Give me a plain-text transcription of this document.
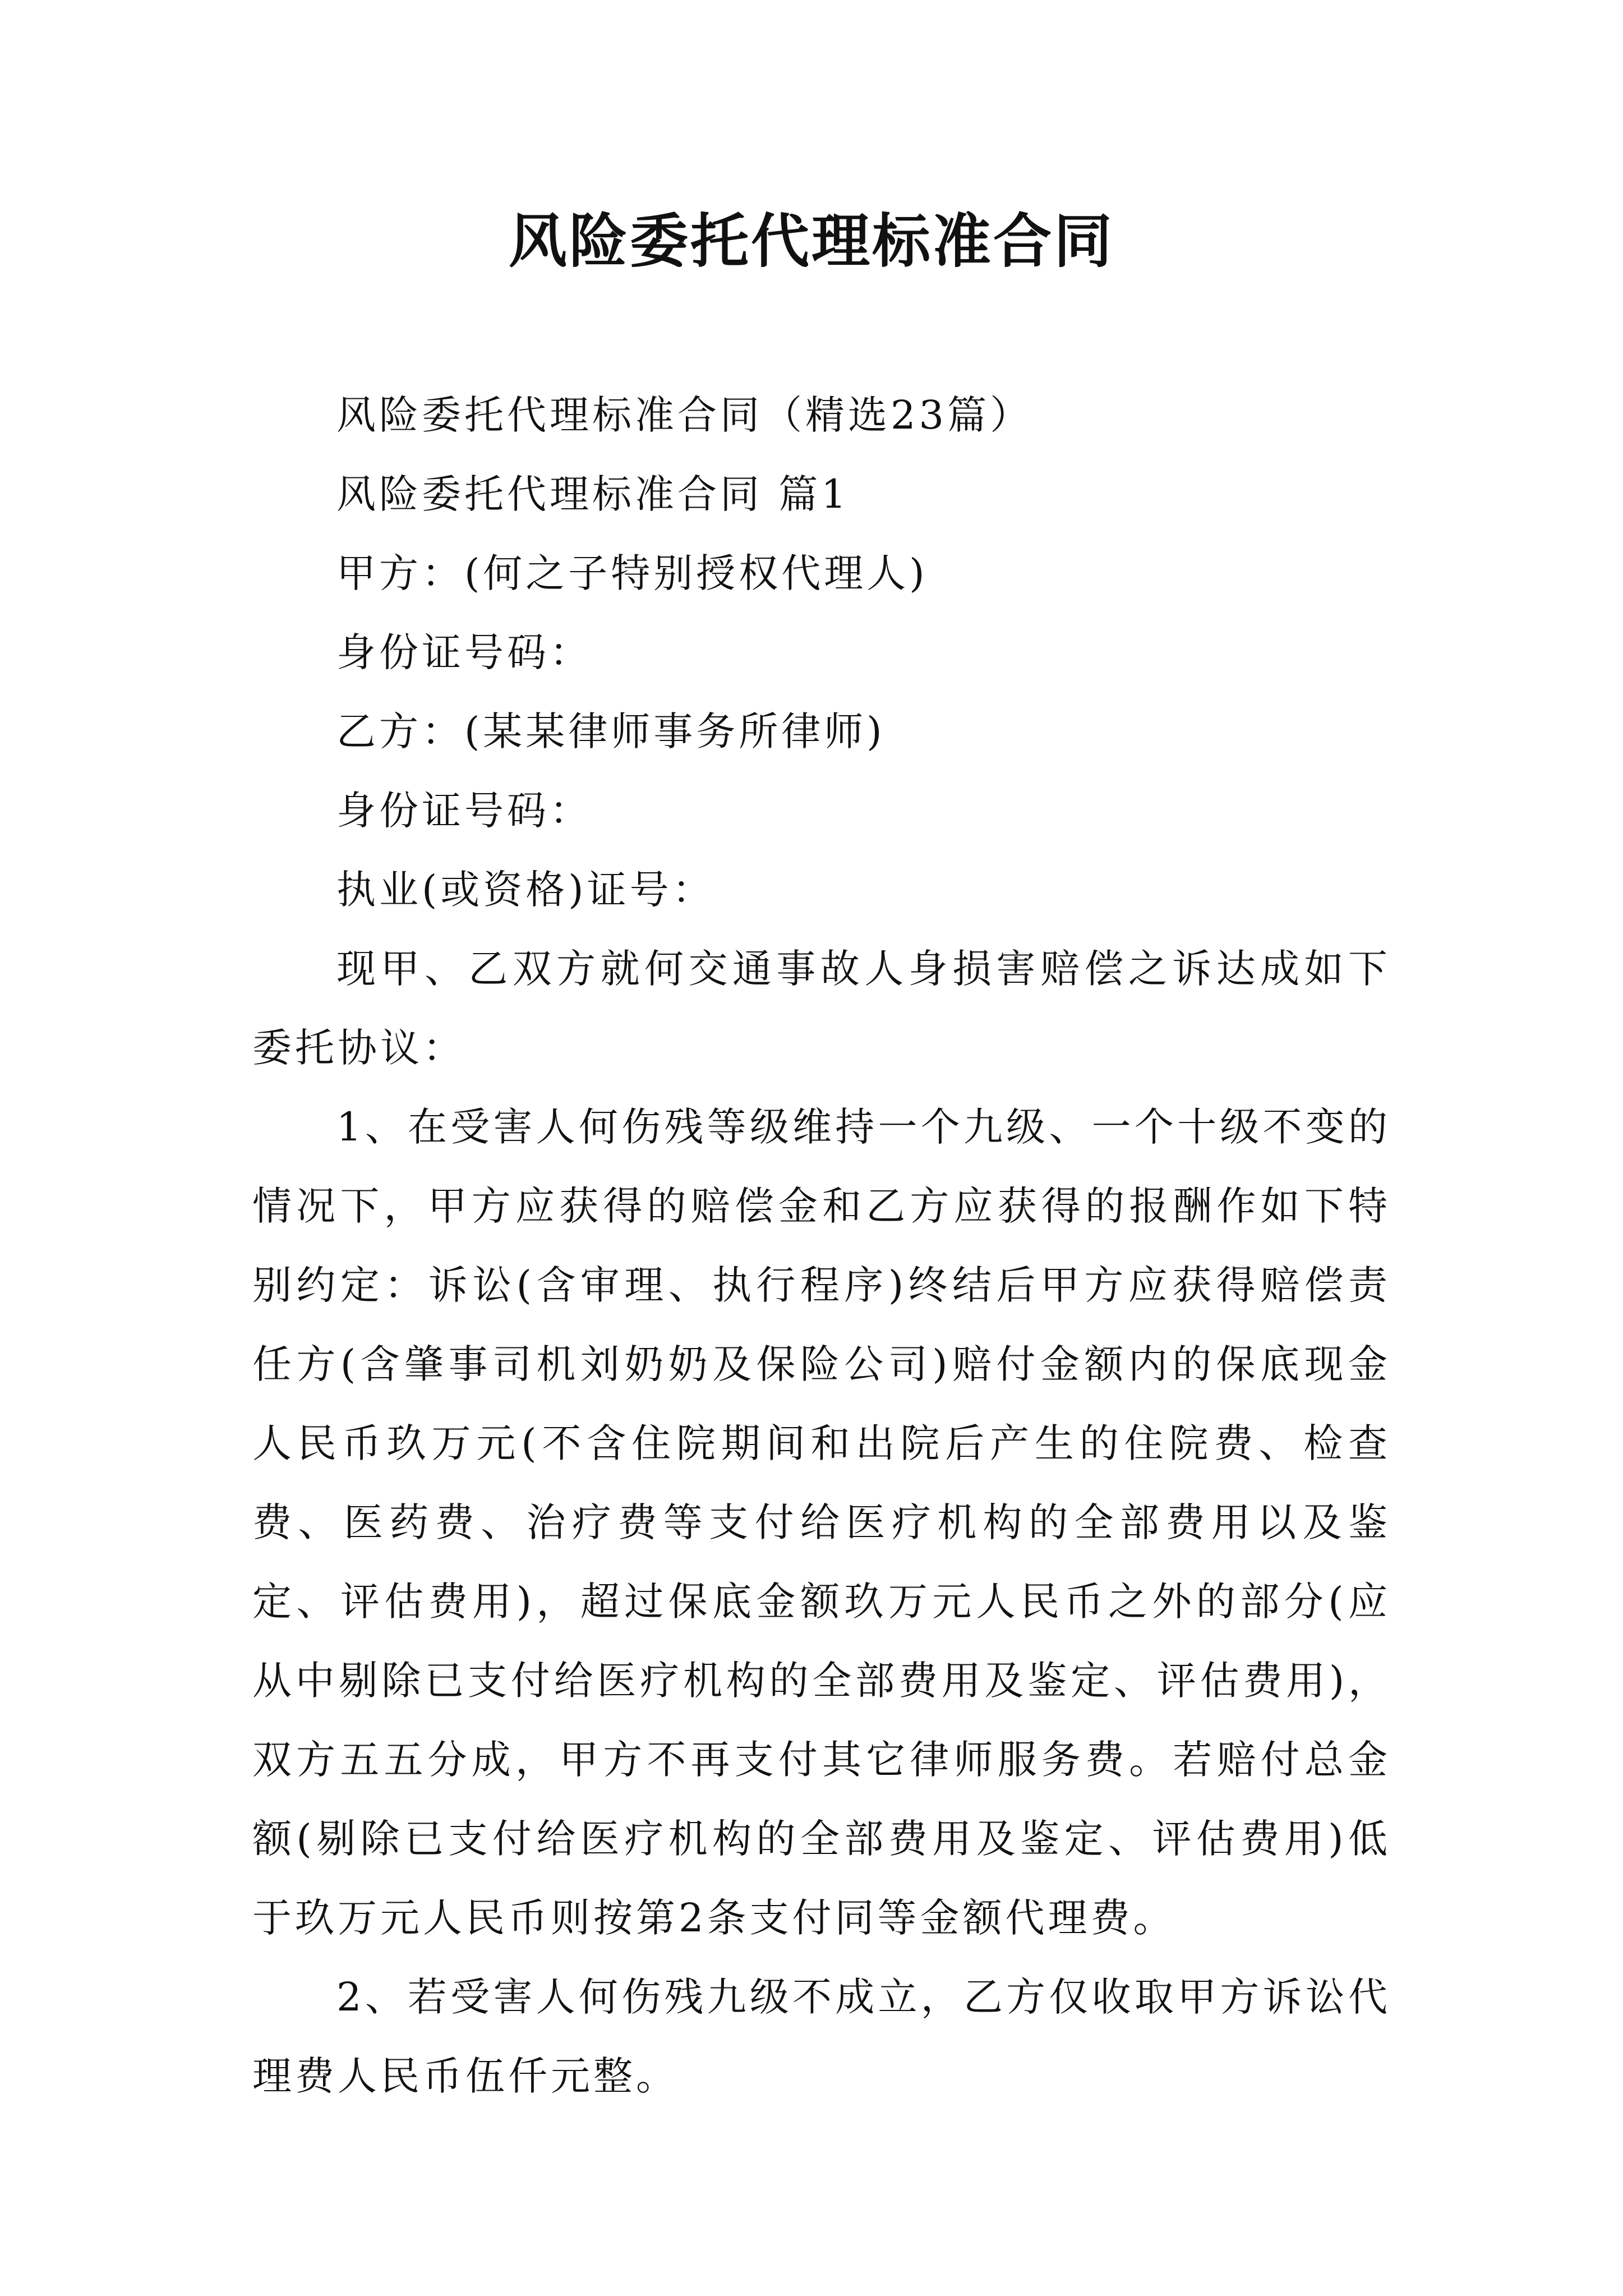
风险委托代理标准合同

风险委托代理标准合同（精选23篇）

风险委托代理标准合同 篇1

甲方：(何之子特别授权代理人)

身份证号码：

乙方：(某某律师事务所律师)

身份证号码：

执业(或资格)证号：

现甲、乙双方就何交通事故人身损害赔偿之诉达成如下委托协议：

1、在受害人何伤残等级维持一个九级、一个十级不变的情况下，甲方应获得的赔偿金和乙方应获得的报酬作如下特别约定：诉讼(含审理、执行程序)终结后甲方应获得赔偿责任方(含肇事司机刘奶奶及保险公司)赔付金额内的保底现金人民币玖万元(不含住院期间和出院后产生的住院费、检查费、医药费、治疗费等支付给医疗机构的全部费用以及鉴定、评估费用)，超过保底金额玖万元人民币之外的部分(应从中剔除已支付给医疗机构的全部费用及鉴定、评估费用)，双方五五分成，甲方不再支付其它律师服务费。若赔付总金额(剔除已支付给医疗机构的全部费用及鉴定、评估费用)低于玖万元人民币则按第2条支付同等金额代理费。

2、若受害人何伤残九级不成立，乙方仅收取甲方诉讼代理费人民币伍仟元整。
